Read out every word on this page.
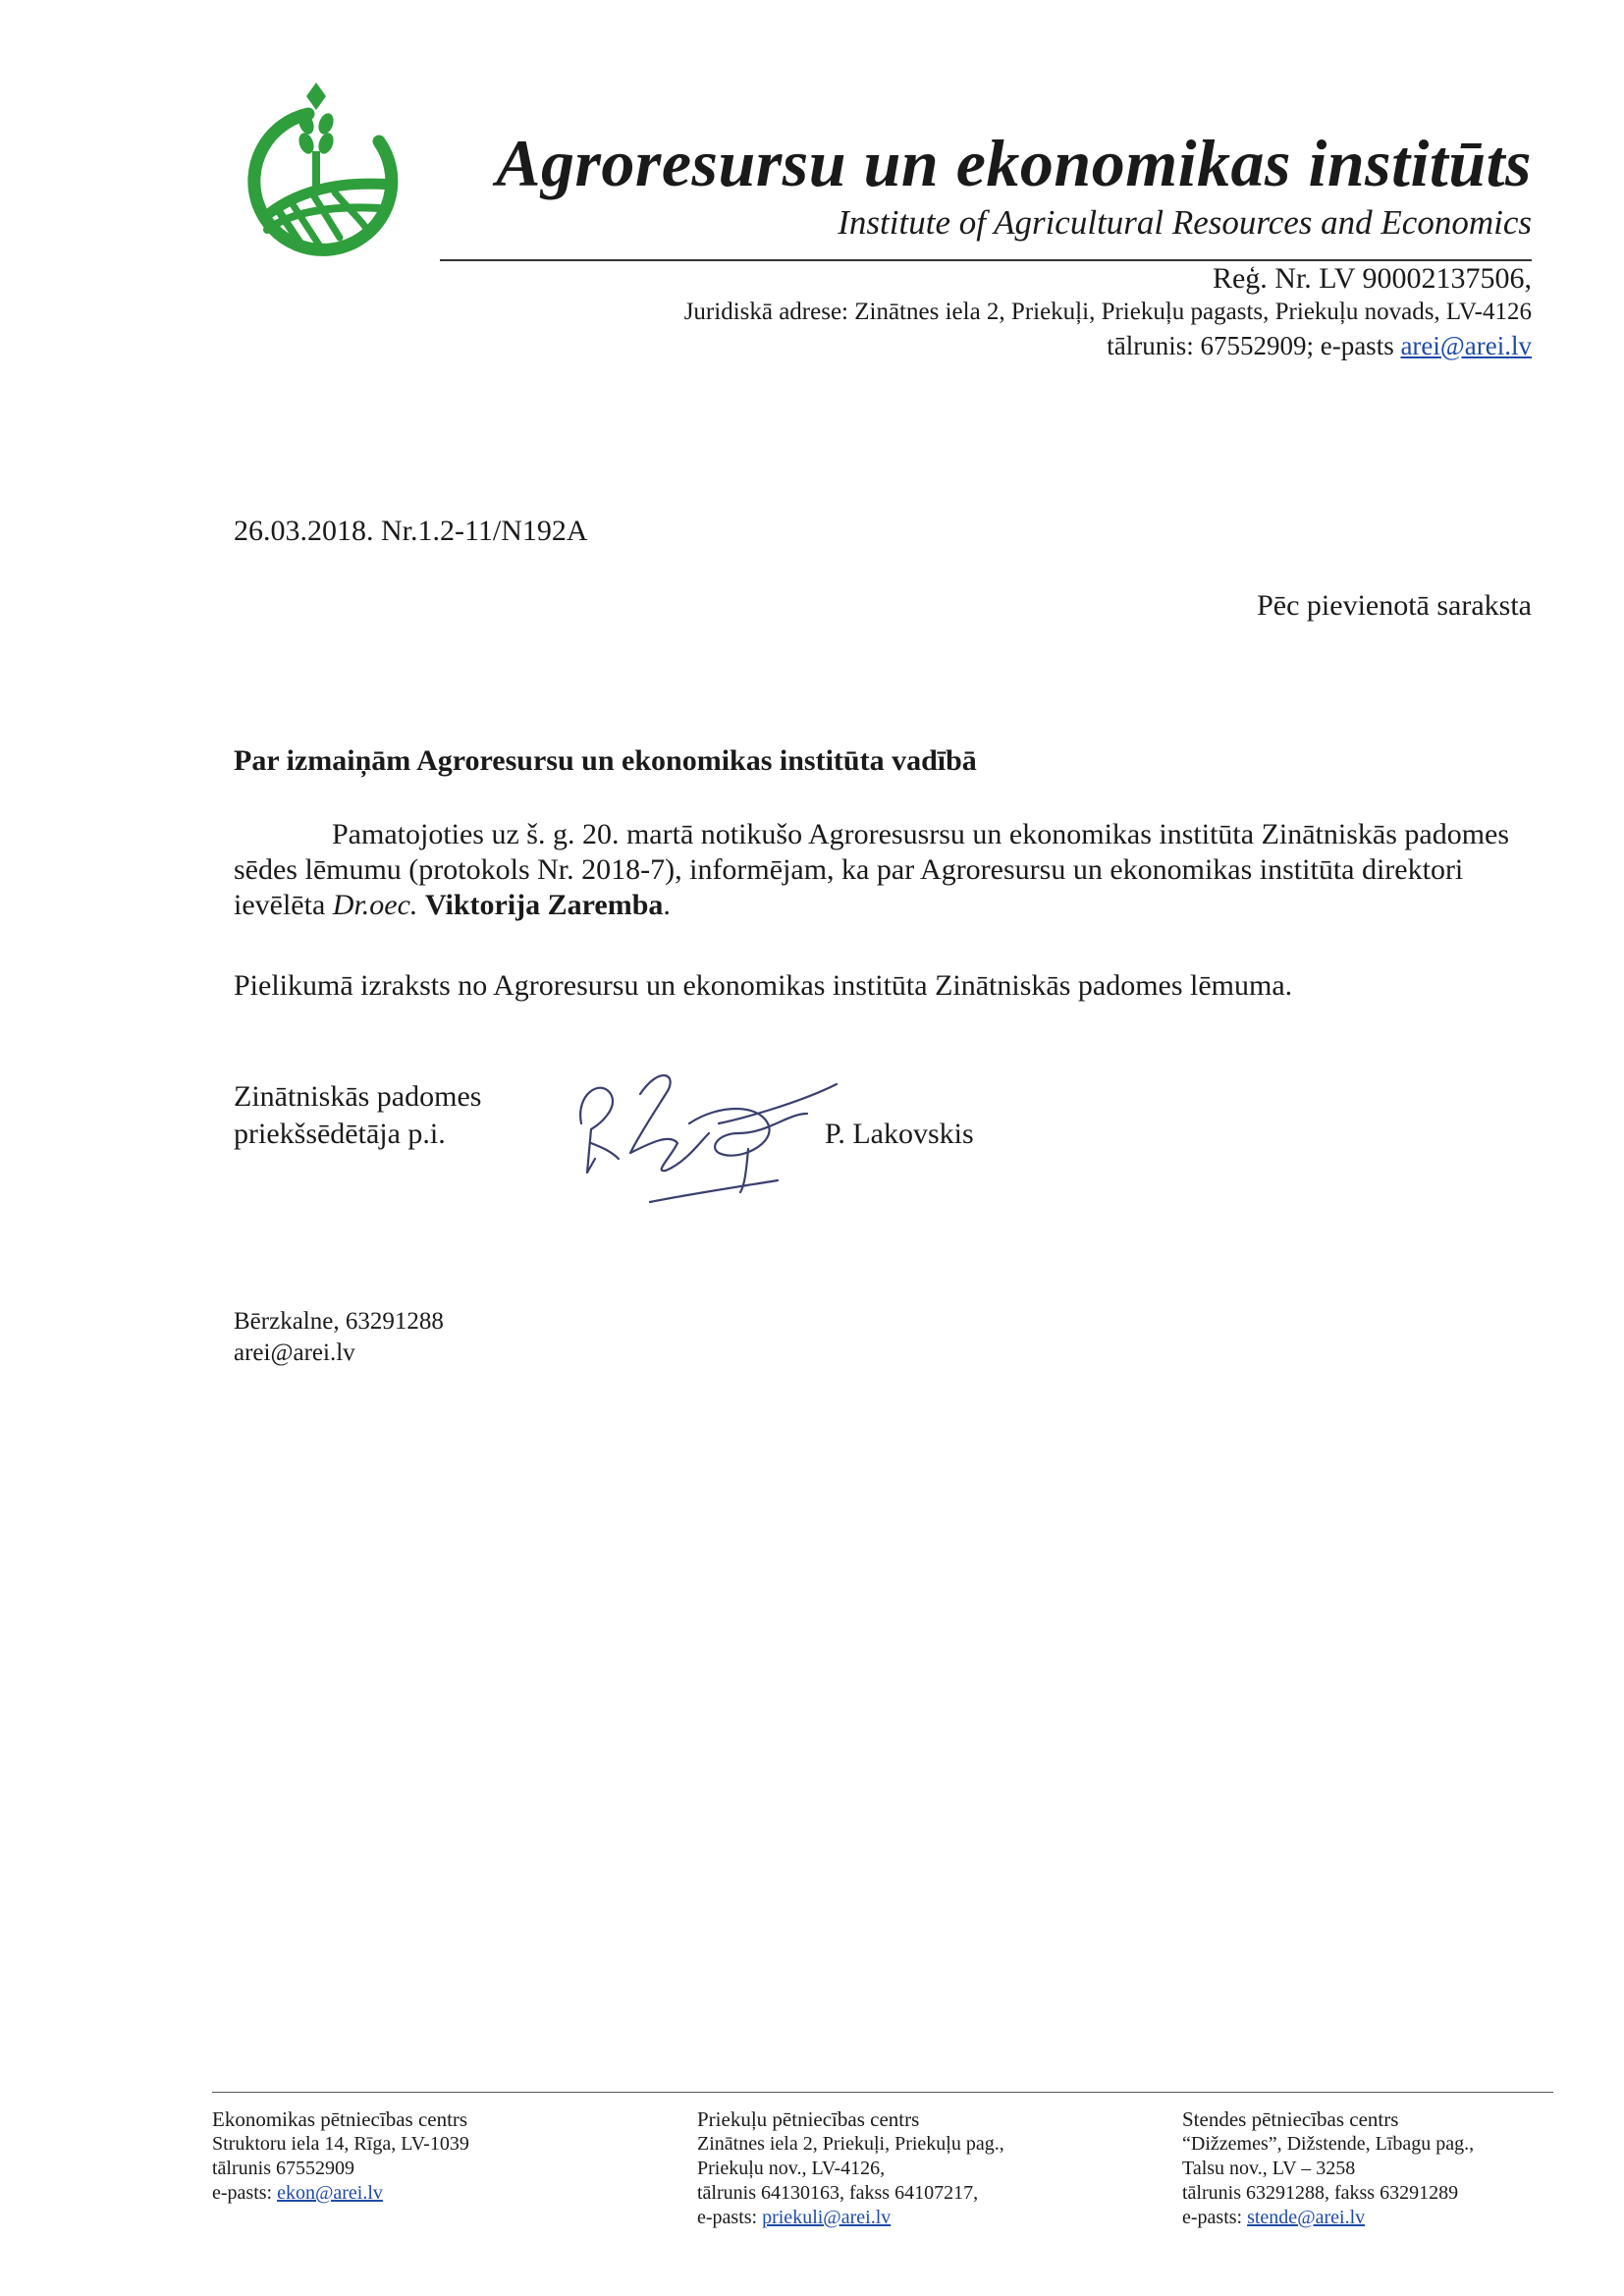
Agroresursu un ekonomikas institūts
Institute of Agricultural Resources and Economics
Reģ. Nr. LV 90002137506,
Juridiskā adrese: Zinātnes iela 2, Priekuļi, Priekuļu pagasts, Priekuļu novads, LV-4126
tālrunis: 67552909; e-pasts arei@arei.lv
26.03.2018. Nr.1.2-11/N192A
Pēc pievienotā saraksta
Par izmaiņām Agroresursu un ekonomikas institūta vadībā
Pamatojoties uz š. g. 20. martā notikušo Agroresusrsu un ekonomikas institūta Zinātniskās padomes sēdes lēmumu (protokols Nr. 2018-7), informējam, ka par Agroresursu un ekonomikas institūta direktori ievēlēta Dr.oec. Viktorija Zaremba.
Pielikumā izraksts no Agroresursu un ekonomikas institūta Zinātniskās padomes lēmuma.
Zinātniskās padomes
priekšsēdētāja p.i.	P. Lakovskis
Bērzkalne, 63291288
arei@arei.lv
Ekonomikas pētniecības centrs
Struktoru iela 14, Rīga, LV-1039
tālrunis 67552909
e-pasts: ekon@arei.lv
Priekuļu pētniecības centrs
Zinātnes iela 2, Priekuļi, Priekuļu pag.,
Priekuļu nov., LV-4126,
tālrunis 64130163, fakss 64107217,
e-pasts: priekuli@arei.lv
Stendes pētniecības centrs
“Dižzemes”, Dižstende, Lībagu pag.,
Talsu nov., LV – 3258
tālrunis 63291288, fakss 63291289
e-pasts: stende@arei.lv
